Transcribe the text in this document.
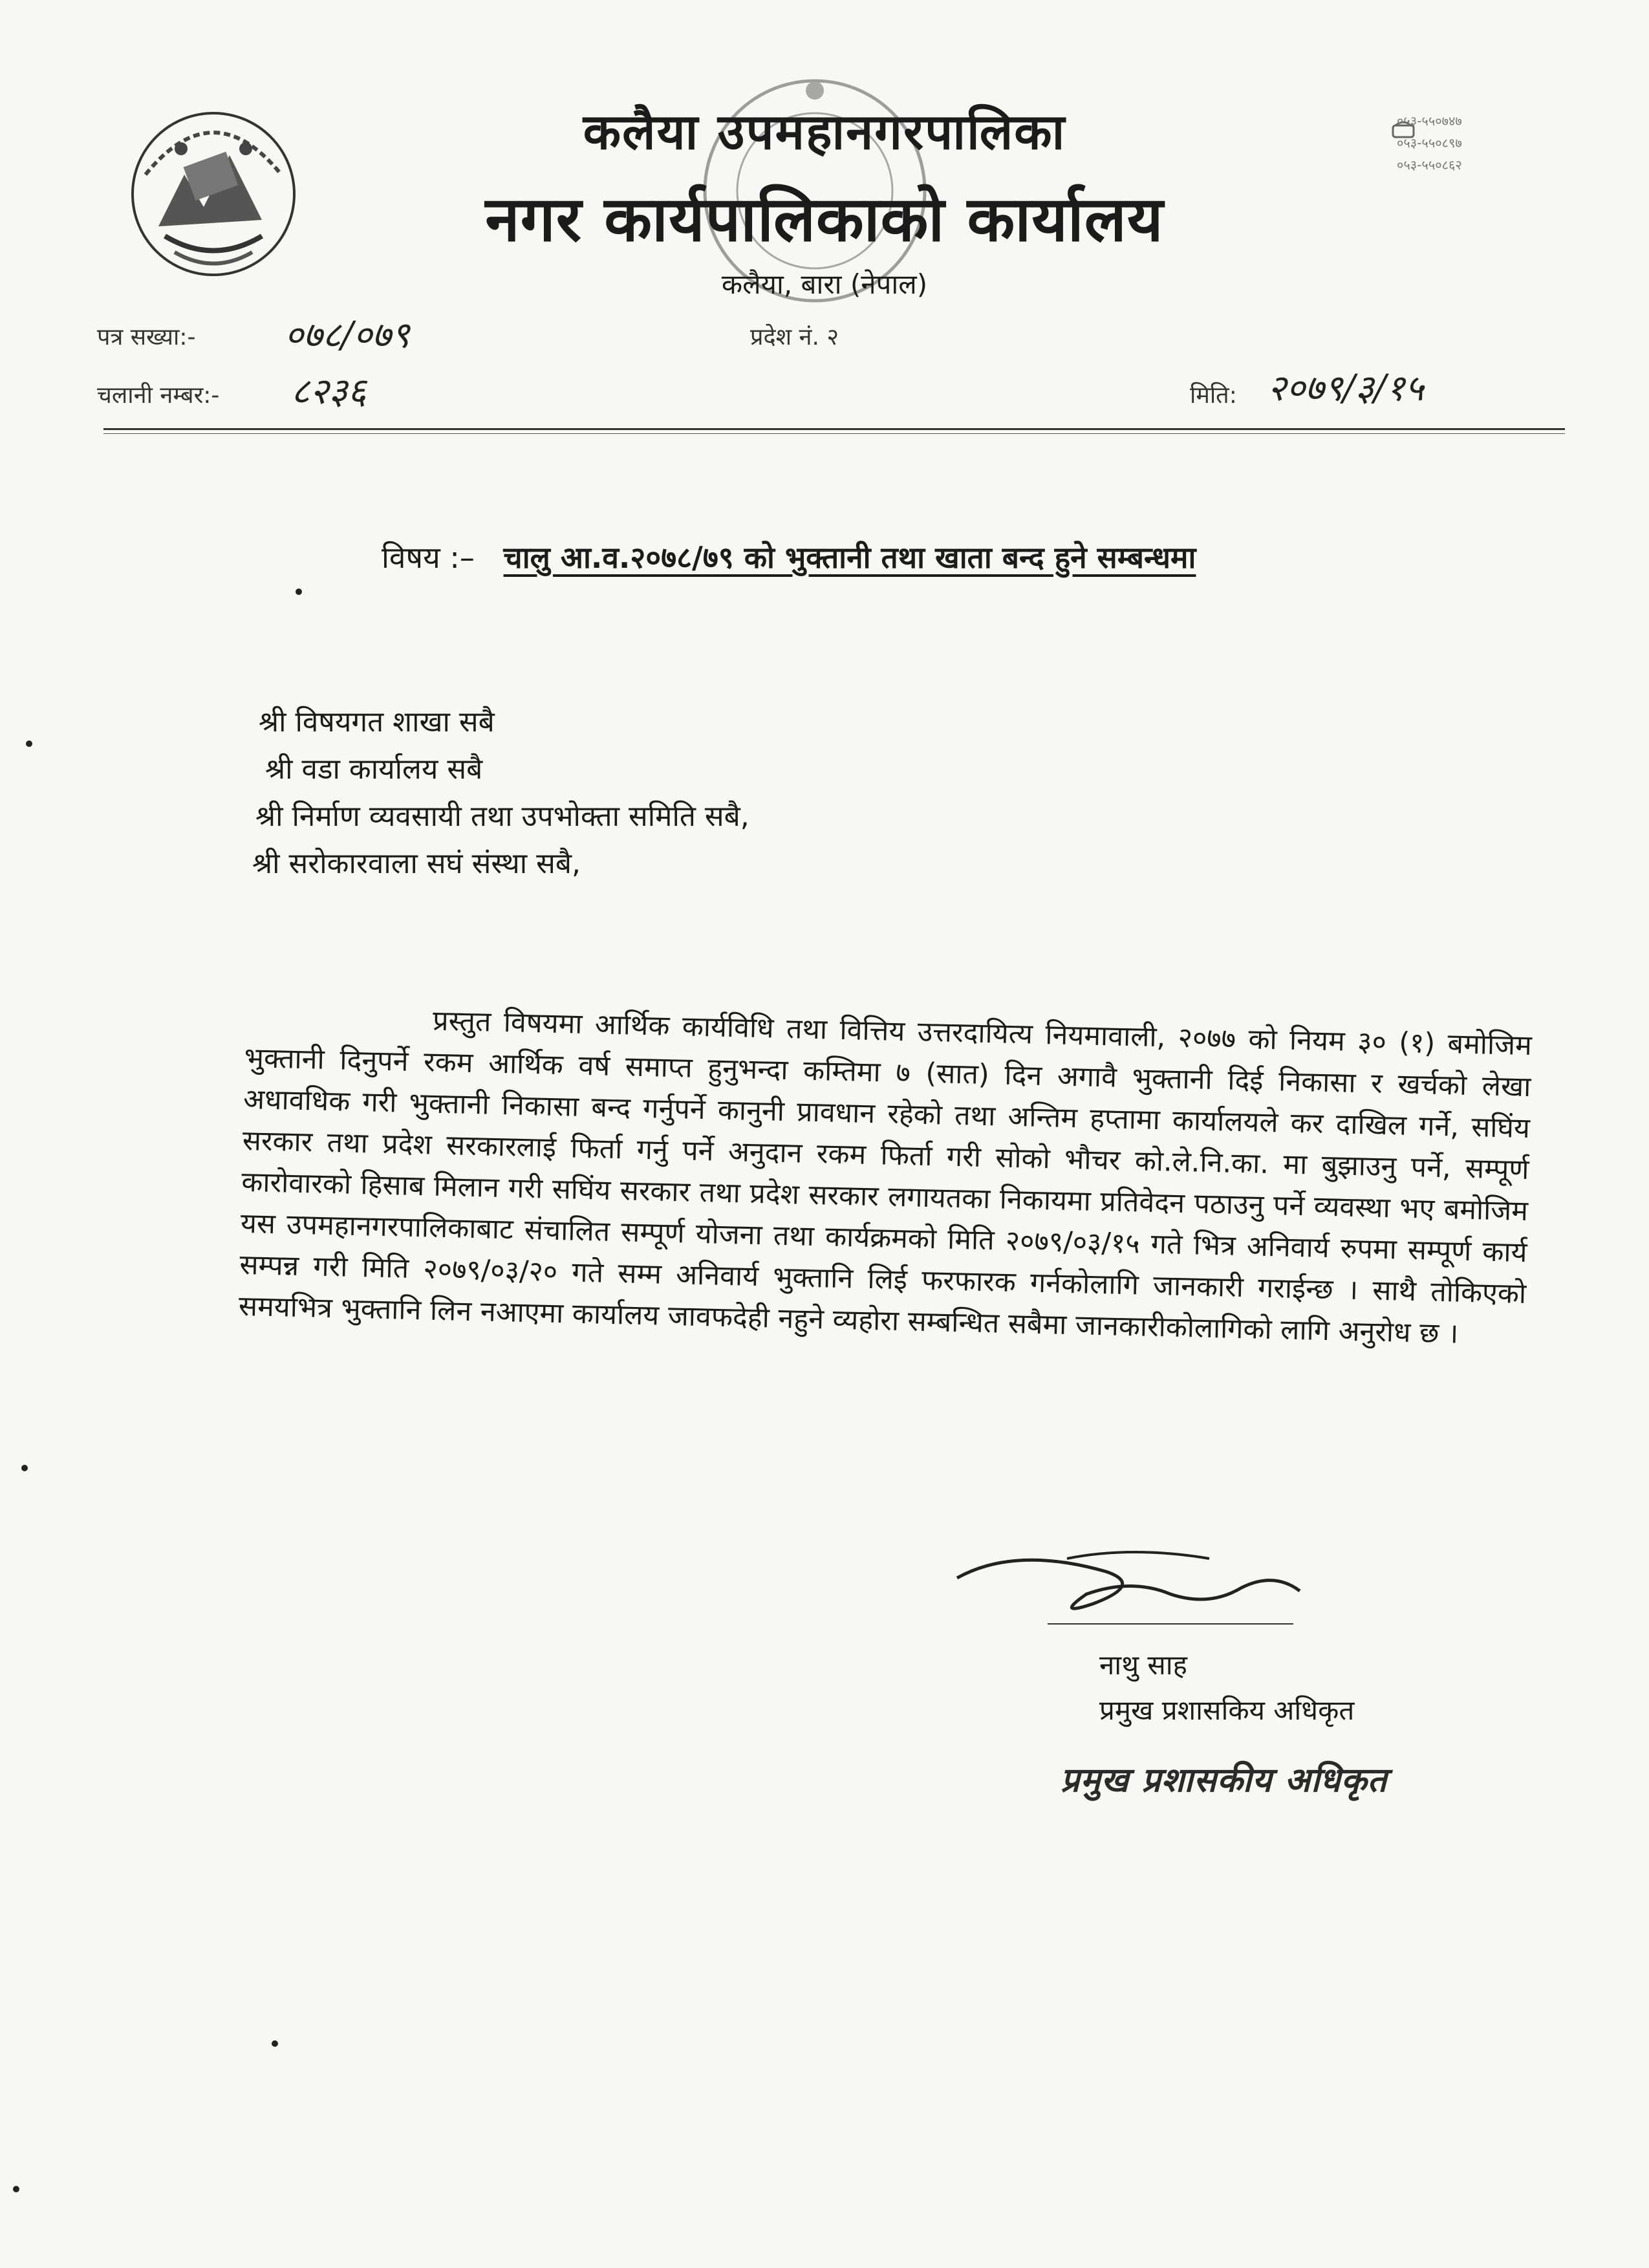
कलैया उपमहानगरपालिका
नगर कार्यपालिकाको कार्यालय
कलैया, बारा (नेपाल)
०५३-५५०७४७
०५३-५५०८९७
०५३-५५०८६२
पत्र सख्या:- ०७८/०७९	प्रदेश नं. २
चलानी नम्बर:- ८२३६	मिति: २०७९/३/१५
विषय :– चालु आ.व.२०७८/७९ को भुक्तानी तथा खाता बन्द हुने सम्बन्धमा
श्री विषयगत शाखा सबै
श्री वडा कार्यालय सबै
श्री निर्माण व्यवसायी तथा उपभोक्ता समिति सबै,
श्री सरोकारवाला सघं संस्था सबै,

प्रस्तुत विषयमा आर्थिक कार्यविधि तथा वित्तिय उत्तरदायित्य नियमावाली, २०७७ को नियम ३० (१) बमोजिम भुक्तानी दिनुपर्ने रकम आर्थिक वर्ष समाप्त हुनुभन्दा कम्तिमा ७ (सात) दिन अगावै भुक्तानी दिई निकासा र खर्चको लेखा अधावधिक गरी भुक्तानी निकासा बन्द गर्नुपर्ने कानुनी प्रावधान रहेको तथा अन्तिम हप्तामा कार्यालयले कर दाखिल गर्ने, सघिंय सरकार तथा प्रदेश सरकारलाई फिर्ता गर्नु पर्ने अनुदान रकम फिर्ता गरी सोको भौचर को.ले.नि.का. मा बुझाउनु पर्ने, सम्पूर्ण कारोवारको हिसाब मिलान गरी सघिंय सरकार तथा प्रदेश सरकार लगायतका निकायमा प्रतिवेदन पठाउनु पर्ने व्यवस्था भए बमोजिम यस उपमहानगरपालिकाबाट संचालित सम्पूर्ण योजना तथा कार्यक्रमको मिति २०७९/०३/१५ गते भित्र अनिवार्य रुपमा सम्पूर्ण कार्य सम्पन्न गरी मिति २०७९/०३/२० गते सम्म अनिवार्य भुक्तानि लिई फरफारक गर्नकोलागि जानकारी गराईन्छ । साथै तोकिएको समयभित्र भुक्तानि लिन नआएमा कार्यालय जावफदेही नहुने व्यहोरा सम्बन्धित सबैमा जानकारीकोलागिको लागि अनुरोध छ ।

नाथु साह
प्रमुख प्रशासकिय अधिकृत
प्रमुख प्रशासकीय अधिकृत
